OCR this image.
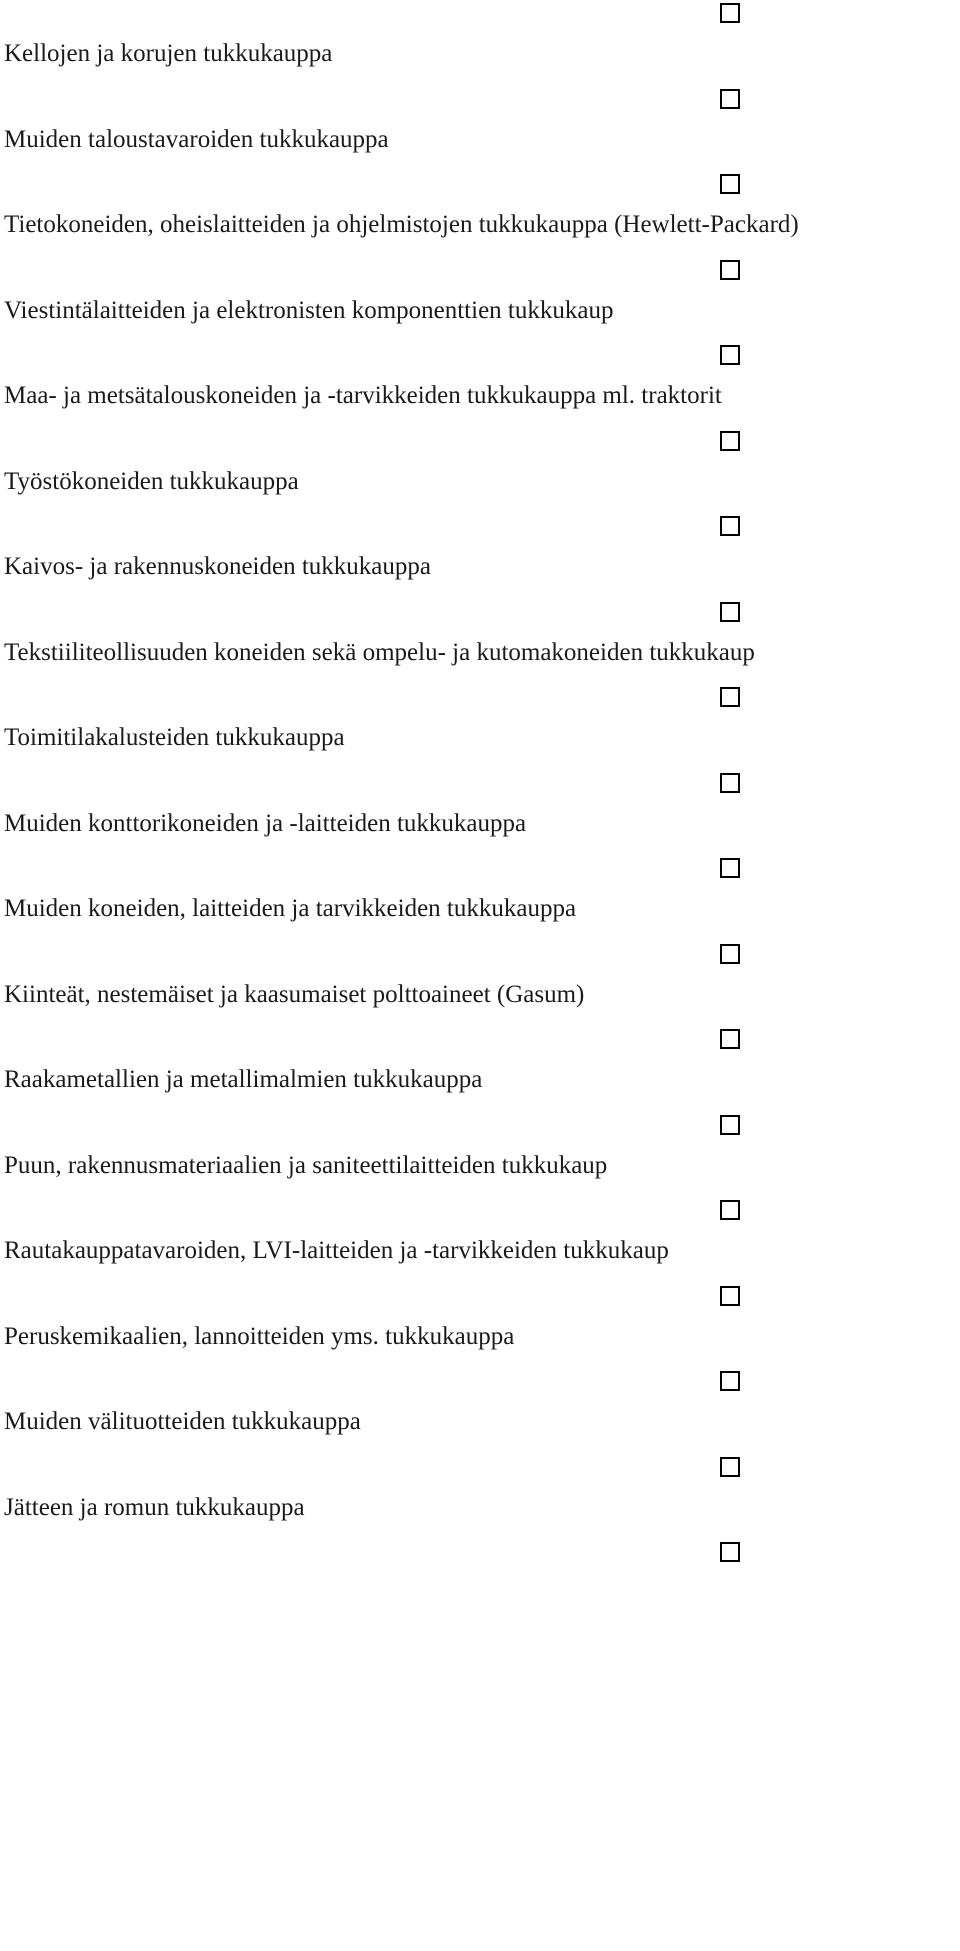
Kellojen ja korujen tukkukauppa
Muiden taloustavaroiden tukkukauppa
Tietokoneiden, oheislaitteiden ja ohjelmistojen tukkukauppa (Hewlett-Packard)
Viestintälaitteiden ja elektronisten komponenttien tukkukaup
Maa- ja metsätalouskoneiden ja -tarvikkeiden tukkukauppa ml. traktorit
Työstökoneiden tukkukauppa
Kaivos- ja rakennuskoneiden tukkukauppa
Tekstiiliteollisuuden koneiden sekä ompelu- ja kutomakoneiden tukkukaup
Toimitilakalusteiden tukkukauppa
Muiden konttorikoneiden ja -laitteiden tukkukauppa
Muiden koneiden, laitteiden ja tarvikkeiden tukkukauppa
Kiinteät, nestemäiset ja kaasumaiset polttoaineet (Gasum)
Raakametallien ja metallimalmien tukkukauppa
Puun, rakennusmateriaalien ja saniteettilaitteiden tukkukaup
Rautakauppatavaroiden, LVI-laitteiden ja -tarvikkeiden tukkukaup
Peruskemikaalien, lannoitteiden yms. tukkukauppa
Muiden välituotteiden tukkukauppa
Jätteen ja romun tukkukauppa
